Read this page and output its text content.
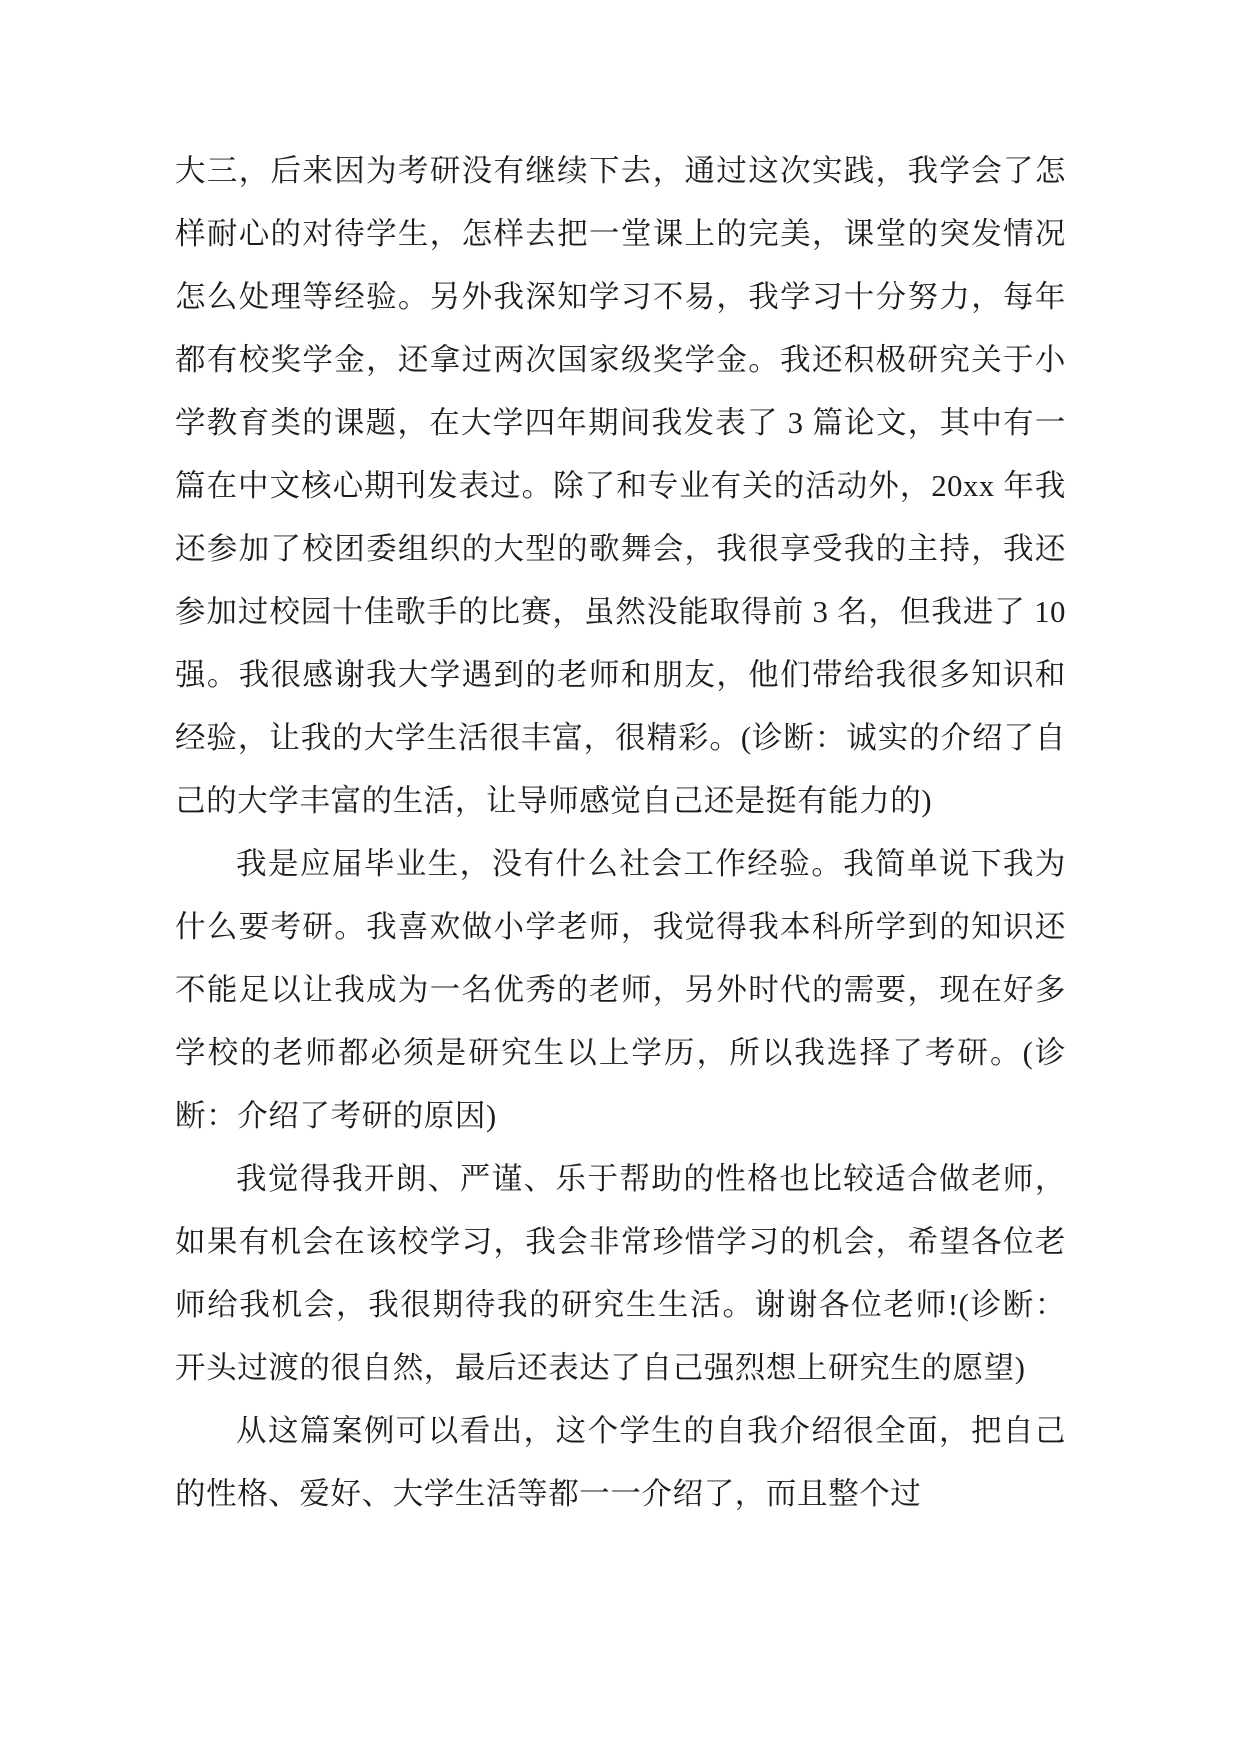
大三，后来因为考研没有继续下去，通过这次实践，我学会了怎样耐心的对待学生，怎样去把一堂课上的完美，课堂的突发情况怎么处理等经验。另外我深知学习不易，我学习十分努力，每年都有校奖学金，还拿过两次国家级奖学金。我还积极研究关于小学教育类的课题，在大学四年期间我发表了 3 篇论文，其中有一篇在中文核心期刊发表过。除了和专业有关的活动外，20xx 年我还参加了校团委组织的大型的歌舞会，我很享受我的主持，我还参加过校园十佳歌手的比赛，虽然没能取得前 3 名，但我进了 10 强。我很感谢我大学遇到的老师和朋友，他们带给我很多知识和经验，让我的大学生活很丰富，很精彩。(诊断：诚实的介绍了自己的大学丰富的生活，让导师感觉自己还是挺有能力的)

我是应届毕业生，没有什么社会工作经验。我简单说下我为什么要考研。我喜欢做小学老师，我觉得我本科所学到的知识还不能足以让我成为一名优秀的老师，另外时代的需要，现在好多学校的老师都必须是研究生以上学历，所以我选择了考研。(诊断：介绍了考研的原因)

我觉得我开朗、严谨、乐于帮助的性格也比较适合做老师，如果有机会在该校学习，我会非常珍惜学习的机会，希望各位老师给我机会，我很期待我的研究生生活。谢谢各位老师!(诊断：开头过渡的很自然，最后还表达了自己强烈想上研究生的愿望)

从这篇案例可以看出，这个学生的自我介绍很全面，把自己的性格、爱好、大学生活等都一一介绍了，而且整个过
